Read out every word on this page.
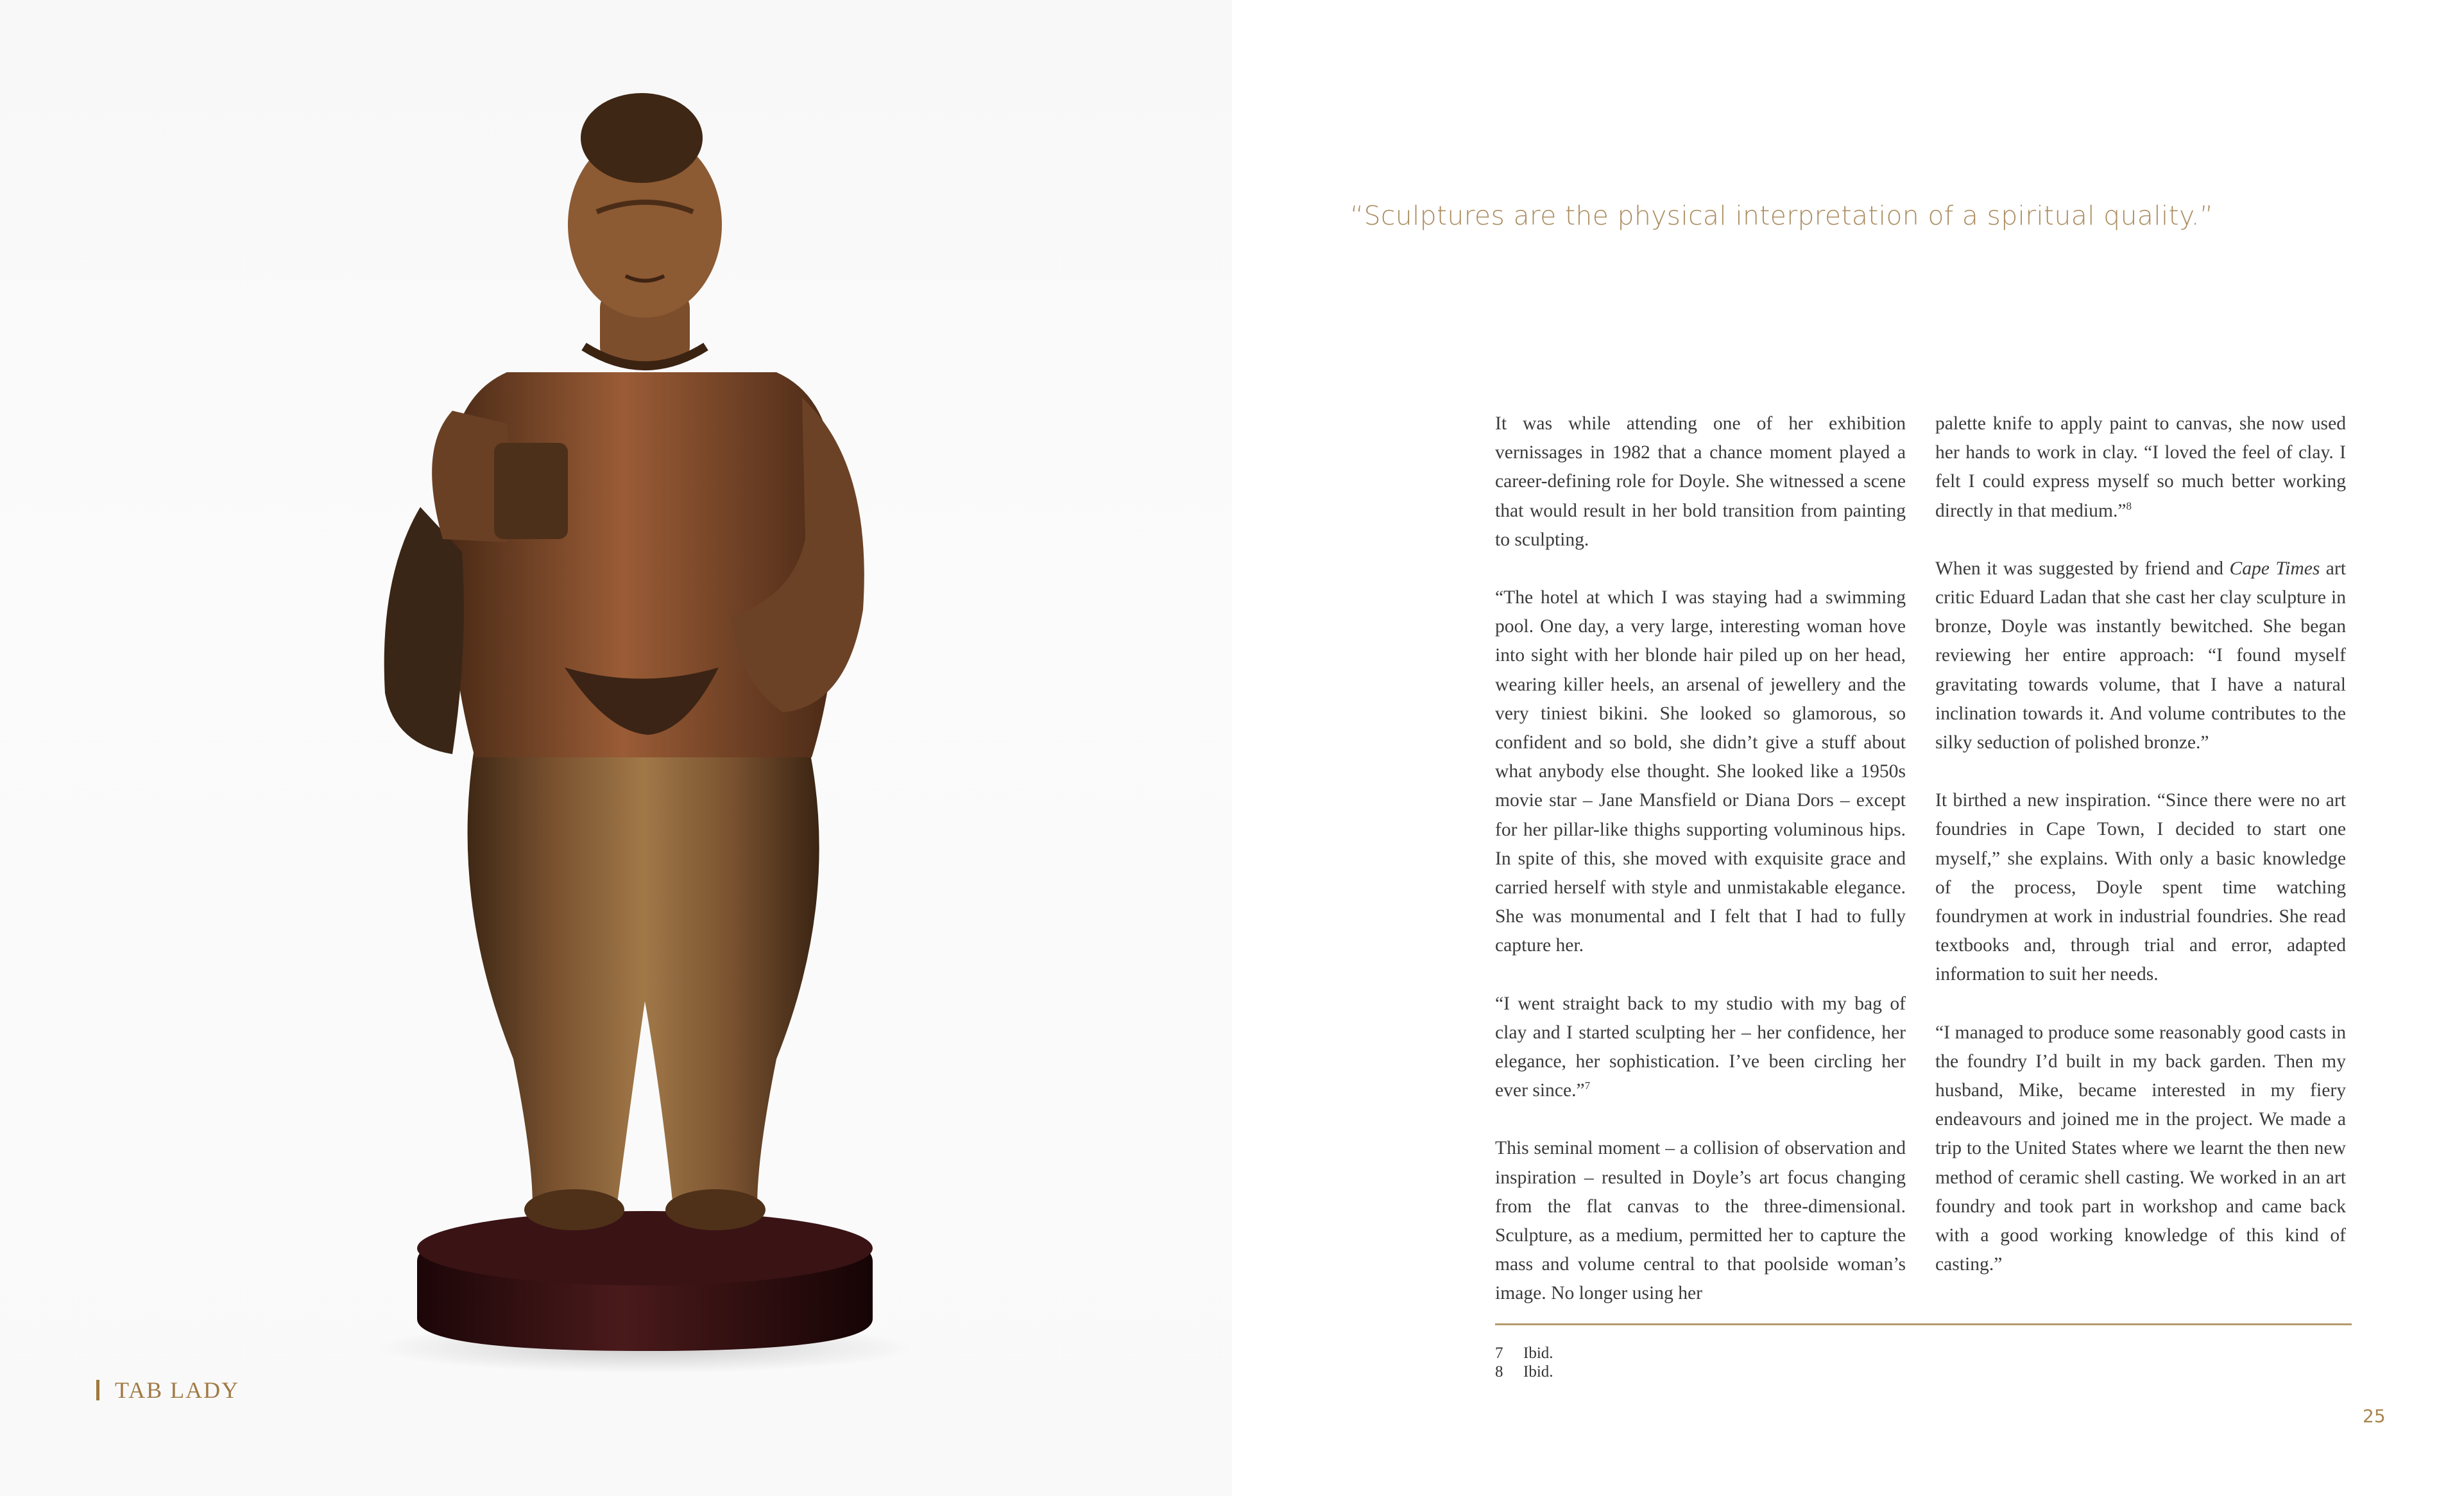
TAB LADY
“Sculptures are the physical interpretation of a spiritual quality.”

It was while attending one of her exhibition vernissages in 1982 that a chance moment played a career-defining role for Doyle. She witnessed a scene that would result in her bold transition from painting to sculpting.

“The hotel at which I was staying had a swimming pool. One day, a very large, interesting woman hove into sight with her blonde hair piled up on her head, wearing killer heels, an arsenal of jewellery and the very tiniest bikini. She looked so glamorous, so confident and so bold, she didn’t give a stuff about what anybody else thought. She looked like a 1950s movie star – Jane Mansfield or Diana Dors – except for her pillar-like thighs supporting voluminous hips. In spite of this, she moved with exquisite grace and carried herself with style and unmistakable elegance. She was monumental and I felt that I had to fully capture her.

“I went straight back to my studio with my bag of clay and I started sculpting her – her confidence, her elegance, her sophistication. I’ve been circling her ever since.”$^7$

This seminal moment – a collision of observation and inspiration – resulted in Doyle’s art focus changing from the flat canvas to the three-dimensional. Sculpture, as a medium, permitted her to capture the mass and volume central to that poolside woman’s image. No longer using her

palette knife to apply paint to canvas, she now used her hands to work in clay. “I loved the feel of clay. I felt I could express myself so much better working directly in that medium.”$^8$

When it was suggested by friend and Cape Times art critic Eduard Ladan that she cast her clay sculpture in bronze, Doyle was instantly bewitched. She began reviewing her entire approach: “I found myself gravitating towards volume, that I have a natural inclination towards it. And volume contributes to the silky seduction of polished bronze.”

It birthed a new inspiration. “Since there were no art foundries in Cape Town, I decided to start one myself,” she explains. With only a basic knowledge of the process, Doyle spent time watching foundrymen at work in industrial foundries. She read textbooks and, through trial and error, adapted information to suit her needs.

“I managed to produce some reasonably good casts in the foundry I’d built in my back garden. Then my husband, Mike, became interested in my fiery endeavours and joined me in the project. We made a trip to the United States where we learnt the then new method of ceramic shell casting. We worked in an art foundry and took part in workshop and came back with a good working knowledge of this kind of casting.”

7	Ibid.
8	Ibid.
25
